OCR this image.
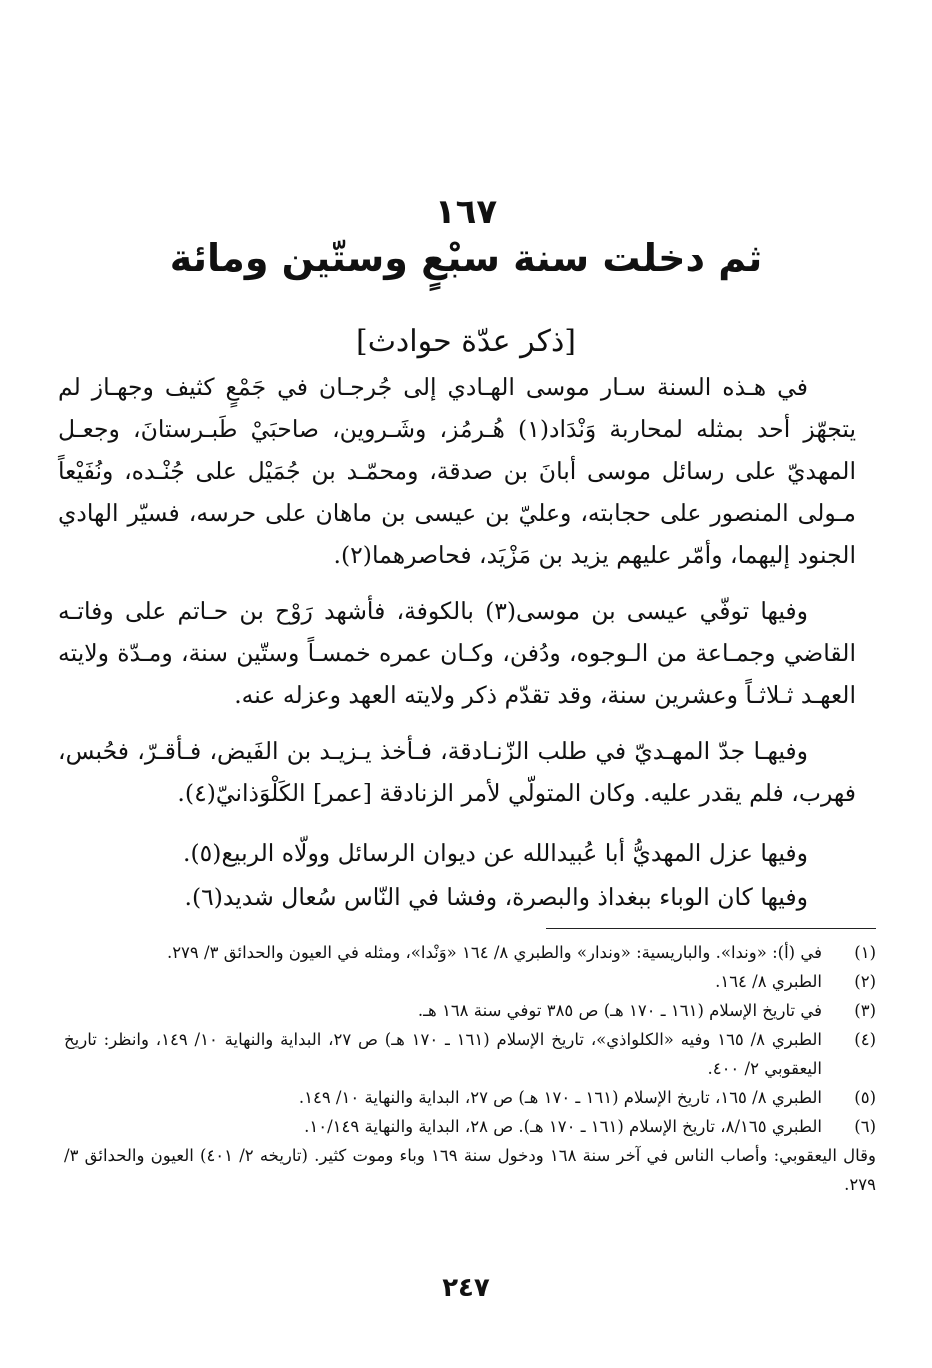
١٦٧
ثم دخلت سنة سبْعٍ وستّين ومائة
[ذكر عدّة حوادث]

في هـذه السنة سـار موسى الهـادي إلى جُرجـان في جَمْعٍ كثيف وجهـاز لم يتجهّز أحد بمثله لمحاربة وَنْدَاد(١) هُـرمُز، وشَـروين، صاحبَيْ طَبـرستانَ، وجعـل المهديّ على رسائل موسى أبانَ بن صدقة، ومحمّـد بن جُمَيْل على جُنْـده، ونُفَيْعاً مـولى المنصور على حجابته، وعليّ بن عيسى بن ماهان على حرسه، فسيّر الهادي الجنود إليهما، وأمّر عليهم يزيد بن مَزْيَد، فحاصرهما(٢).

وفيها توفّي عيسى بن موسى(٣) بالكوفة، فأشهد رَوْح بن حـاتم على وفاتـه القاضي وجمـاعة من الـوجوه، ودُفن، وكـان عمره خمسـاً وستّين سنة، ومـدّة ولايته العهـد ثـلاثـاً وعشرين سنة، وقد تقدّم ذكر ولايته العهد وعزله عنه.

وفيهـا جدّ المهـديّ في طلب الزّنـادقة، فـأخذ يـزيـد بن الفَيض، فـأقـرّ، فحُبس، فهرب، فلم يقدر عليه. وكان المتولّي لأمر الزنادقة [عمر] الكَلْوَذانيّ(٤).

وفيها عزل المهديُّ أبا عُبيدالله عن ديوان الرسائل وولّاه الربيع(٥).

وفيها كان الوباء ببغداذ والبصرة، وفشا في النّاس سُعال شديد(٦).

(١)
في (أ): «وندا». والباريسية: «وندار» والطبري ٨/ ١٦٤ «وَنْدا»، ومثله في العيون والحدائق ٣/ ٢٧٩.
(٢)
الطبري ٨/ ١٦٤.
(٣)
في تاريخ الإسلام (١٦١ ـ ١٧٠ هـ) ص ٣٨٥ توفي سنة ١٦٨ هـ.
(٤)
الطبري ٨/ ١٦٥ وفيه «الكلواذي»، تاريخ الإسلام (١٦١ ـ ١٧٠ هـ) ص ٢٧، البداية والنهاية ١٠/ ١٤٩، وانظر: تاريخ اليعقوبي ٢/ ٤٠٠.
(٥)
الطبري ٨/ ١٦٥، تاريخ الإسلام (١٦١ ـ ١٧٠ هـ) ص ٢٧، البداية والنهاية ١٠/ ١٤٩.
(٦)
الطبري ٨/١٦٥، تاريخ الإسلام (١٦١ ـ ١٧٠ هـ). ص ٢٨، البداية والنهاية ١٠/١٤٩.

وقال اليعقوبي: وأصاب الناس في آخر سنة ١٦٨ ودخول سنة ١٦٩ وباء وموت كثير. (تاريخه ٢/ ٤٠١) العيون والحدائق ٣/ ٢٧٩.

٢٤٧
